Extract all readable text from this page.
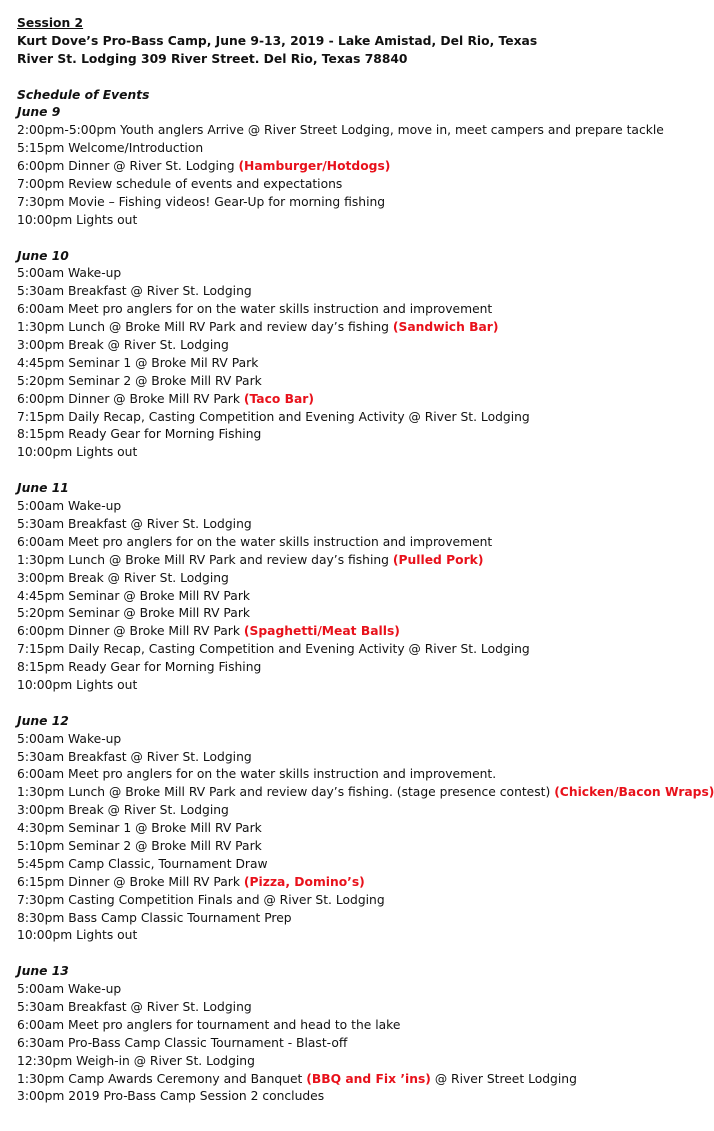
Session 2
Kurt Dove’s Pro-Bass Camp, June 9-13, 2019 - Lake Amistad, Del Rio, Texas
River St. Lodging 309 River Street. Del Rio, Texas 78840
Schedule of Events
June 9
2:00pm-5:00pm Youth anglers Arrive @ River Street Lodging, move in, meet campers and prepare tackle
5:15pm Welcome/Introduction
6:00pm Dinner @ River St. Lodging (Hamburger/Hotdogs)
7:00pm Review schedule of events and expectations
7:30pm Movie – Fishing videos! Gear-Up for morning fishing
10:00pm Lights out
June 10
5:00am Wake-up
5:30am Breakfast @ River St. Lodging
6:00am Meet pro anglers for on the water skills instruction and improvement
1:30pm Lunch @ Broke Mill RV Park and review day’s fishing (Sandwich Bar)
3:00pm Break @ River St. Lodging
4:45pm Seminar 1 @ Broke Mil RV Park
5:20pm Seminar 2 @ Broke Mill RV Park
6:00pm Dinner @ Broke Mill RV Park (Taco Bar)
7:15pm Daily Recap, Casting Competition and Evening Activity @ River St. Lodging
8:15pm Ready Gear for Morning Fishing
10:00pm Lights out
June 11
5:00am Wake-up
5:30am Breakfast @ River St. Lodging
6:00am Meet pro anglers for on the water skills instruction and improvement
1:30pm Lunch @ Broke Mill RV Park and review day’s fishing (Pulled Pork)
3:00pm Break @ River St. Lodging
4:45pm Seminar @ Broke Mill RV Park
5:20pm Seminar @ Broke Mill RV Park
6:00pm Dinner @ Broke Mill RV Park (Spaghetti/Meat Balls)
7:15pm Daily Recap, Casting Competition and Evening Activity @ River St. Lodging
8:15pm Ready Gear for Morning Fishing
10:00pm Lights out
June 12
5:00am Wake-up
5:30am Breakfast @ River St. Lodging
6:00am Meet pro anglers for on the water skills instruction and improvement.
1:30pm Lunch @ Broke Mill RV Park and review day’s fishing. (stage presence contest) (Chicken/Bacon Wraps)
3:00pm Break @ River St. Lodging
4:30pm Seminar 1 @ Broke Mill RV Park
5:10pm Seminar 2 @ Broke Mill RV Park
5:45pm Camp Classic, Tournament Draw
6:15pm Dinner @ Broke Mill RV Park (Pizza, Domino’s)
7:30pm Casting Competition Finals and @ River St. Lodging
8:30pm Bass Camp Classic Tournament Prep
10:00pm Lights out
June 13
5:00am Wake-up
5:30am Breakfast @ River St. Lodging
6:00am Meet pro anglers for tournament and head to the lake
6:30am Pro-Bass Camp Classic Tournament - Blast-off
12:30pm Weigh-in @ River St. Lodging
1:30pm Camp Awards Ceremony and Banquet (BBQ and Fix ’ins) @ River Street Lodging
3:00pm 2019 Pro-Bass Camp Session 2 concludes
